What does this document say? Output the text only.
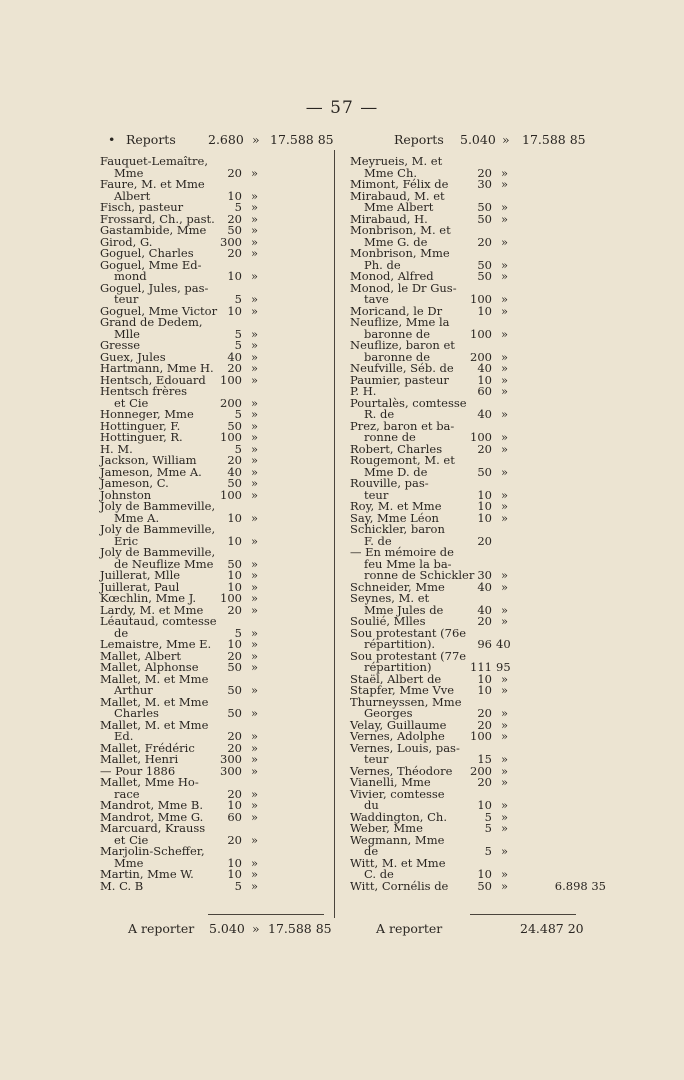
— 57 —
• Reports	2.680 » 17.588 85
Fauquet-Lemaître,
Mme	20 »
Faure, M. et Mme
Albert	10 »
Fisch, pasteur	5 »
Frossard, Ch., past. 20 »
Gastambide, Mme 50 »
Girod, G.	300 »
Goguel, Charles	20 »
Goguel, Mme Ed-
mond	10 »
Goguel, Jules, pas-
teur	5 »
Goguel, Mme Victor 10 »
Grand de Dedem,
Mlle	5 »
Gresse	5 »
Guex, Jules	40 »
Hartmann, Mme H. 20 »
Hentsch, Edouard 100 »
Hentsch frères
et Cie	200 »
Honneger, Mme	5 »
Hottinguer, F.	50 »
Hottinguer, R.	100 »
H. M.	5 »
Jackson, William	20 »
Jameson, Mme A. 40 »
Jameson, C.	50 »
Johnston	100 »
Joly de Bammeville,
Mme A.	10 »
Joly de Bammeville,
Eric	10 »
Joly de Bammeville,
de Neuflize Mme 50 »
Juillerat, Mlle	10 »
Juillerat, Paul	10 »
Kœchlin, Mme J. 100 »
Lardy, M. et Mme 20 »
Léautaud, comtesse
de	5 »
Lemaistre, Mme E. 10 »
Mallet, Albert	20 »
Mallet, Alphonse	50 »
Mallet, M. et Mme
Arthur	50 »
Mallet, M. et Mme
Charles	50 »
Mallet, M. et Mme
Ed.	20 »
Mallet, Frédéric	20 »
Mallet, Henri	300 »
— Pour 1886	300 »
Mallet, Mme Ho-
race	20 »
Mandrot, Mme B. 10 »
Mandrot, Mme G. 60 »
Marcuard, Krauss
et Cie	20 »
Marjolin-Scheffer,
Mme	10 »
Martin, Mme W.	10 »
M. C. B	5 »
Reports 5.040 » 17.588 85
Meyrueis, M. et
Mme Ch.	20 »
Mimont, Félix de	30 »
Mirabaud, M. et
Mme Albert	50 »
Mirabaud, H.	50 »
Monbrison, M. et
Mme G. de	20 »
Monbrison, Mme
Ph. de	50 »
Monod, Alfred	50 »
Monod, le Dr Gus-
tave	100 »
Moricand, le Dr	10 »
Neuflize, Mme la
baronne de	100 »
Neuflize, baron et
baronne de	200 »
Neufville, Séb. de 40 »
Paumier, pasteur 10 »
P. H.	60 »
Pourtalès, comtesse
R. de	40 »
Prez, baron et ba-
ronne de	100 »
Robert, Charles	20 »
Rougemont, M. et
Mme D. de	50 »
Rouville, pas-
teur	10 »
Roy, M. et Mme	10 »
Say, Mme Léon	10 »
Schickler, baron
F. de	20
— En mémoire de
feu Mme la ba-
ronne de Schickler 30 »
Schneider, Mme	40 »
Seynes, M. et
Mme Jules de	40 »
Soulié, Mlles	20 »
Sou protestant (76e
répartition).	96 40
Sou protestant (77e
répartition)	111 95
Staël, Albert de	10 »
Stapfer, Mme Vve 10 »
Thurneyssen, Mme
Georges	20 »
Velay, Guillaume	20 »
Vernes, Adolphe 100 »
Vernes, Louis, pas-
teur	15 »
Vernes, Théodore 200 »
Vianelli, Mme	20 »
Vivier, comtesse
du	10 »
Waddington, Ch.	5 »
Weber, Mme	5 »
Wegmann, Mme
de	5 »
Witt, M. et Mme
C. de	10 »
Witt, Cornélis de	50 »	6.898 35
A reporter 5.040 » 17.588 85	A reporter	24.487 20
